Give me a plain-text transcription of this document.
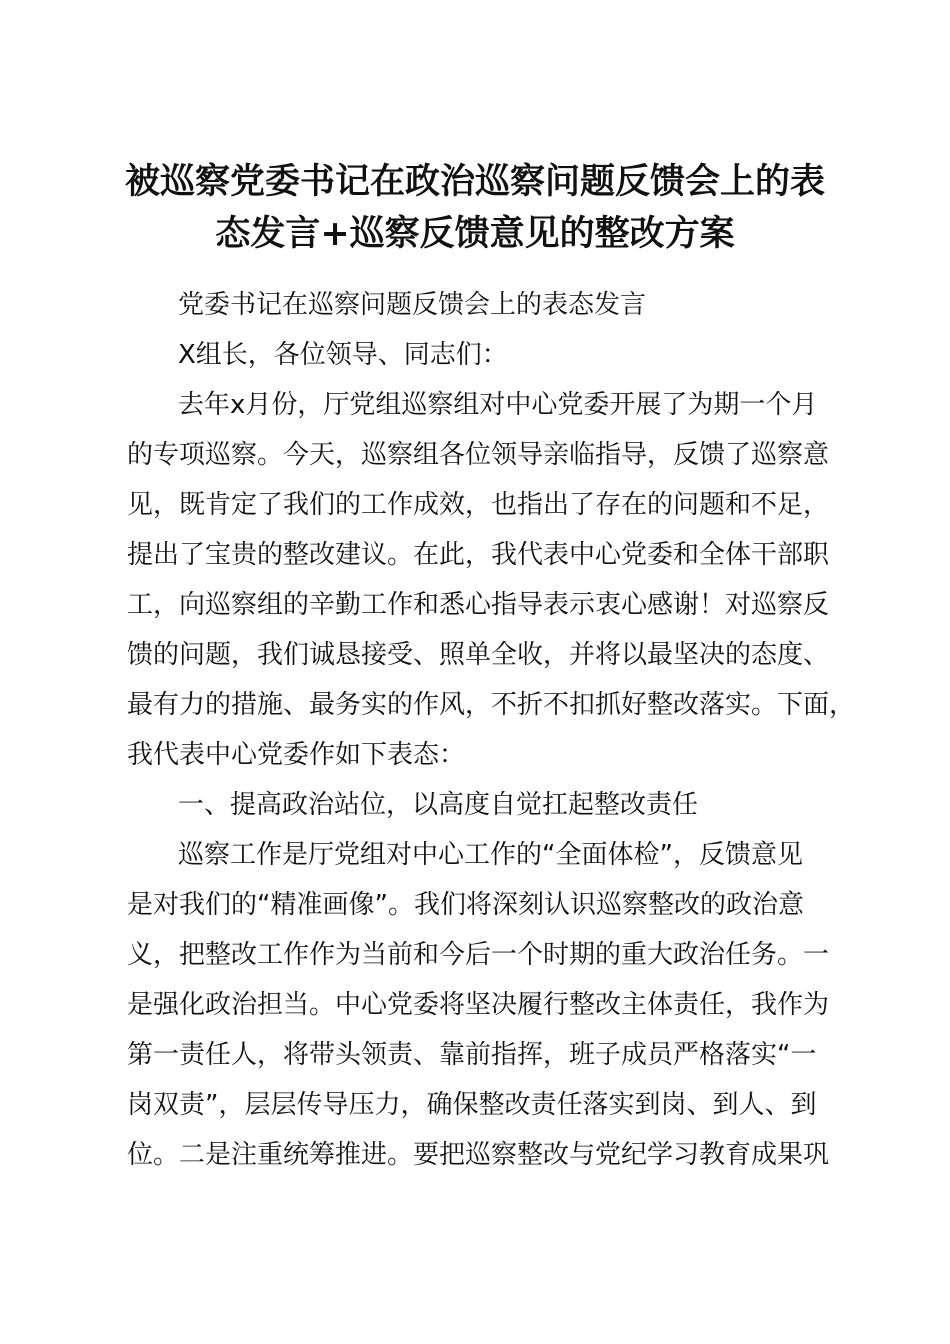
被巡察党委书记在政治巡察问题反馈会上的表
态发言+巡察反馈意见的整改方案
党委书记在巡察问题反馈会上的表态发言
X组长，各位领导、同志们：
去年x月份，厅党组巡察组对中心党委开展了为期一个月
的专项巡察。今天，巡察组各位领导亲临指导，反馈了巡察意
见，既肯定了我们的工作成效，也指出了存在的问题和不足，
提出了宝贵的整改建议。在此，我代表中心党委和全体干部职
工，向巡察组的辛勤工作和悉心指导表示衷心感谢！对巡察反
馈的问题，我们诚恳接受、照单全收，并将以最坚决的态度、
最有力的措施、最务实的作风，不折不扣抓好整改落实。下面，
我代表中心党委作如下表态：
一、提高政治站位，以高度自觉扛起整改责任
巡察工作是厅党组对中心工作的“全面体检”，反馈意见
是对我们的“精准画像”。我们将深刻认识巡察整改的政治意
义，把整改工作作为当前和今后一个时期的重大政治任务。一
是强化政治担当。中心党委将坚决履行整改主体责任，我作为
第一责任人，将带头领责、靠前指挥，班子成员严格落实“一
岗双责”，层层传导压力，确保整改责任落实到岗、到人、到
位。二是注重统筹推进。要把巡察整改与党纪学习教育成果巩
